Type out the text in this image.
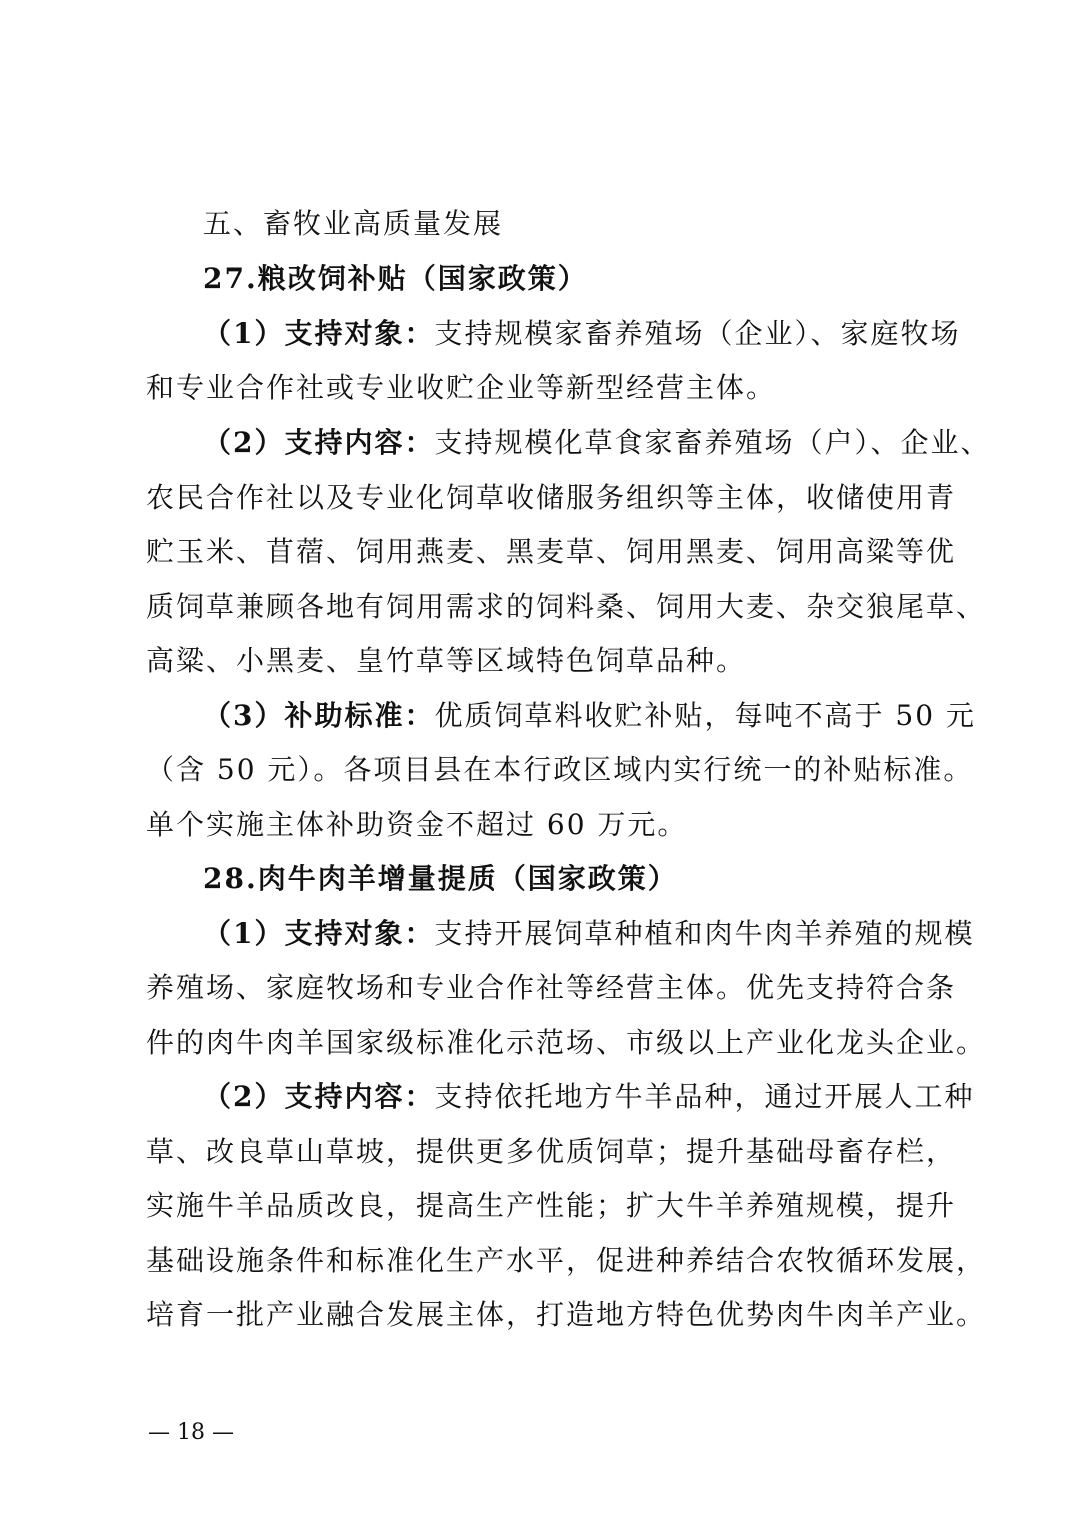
五、畜牧业高质量发展
27.粮改饲补贴（国家政策）
（1）支持对象：支持规模家畜养殖场（企业）、家庭牧场
和专业合作社或专业收贮企业等新型经营主体。
（2）支持内容：支持规模化草食家畜养殖场（户）、企业、
农民合作社以及专业化饲草收储服务组织等主体，收储使用青
贮玉米、苜蓿、饲用燕麦、黑麦草、饲用黑麦、饲用高粱等优
质饲草兼顾各地有饲用需求的饲料桑、饲用大麦、杂交狼尾草、
高粱、小黑麦、皇竹草等区域特色饲草品种。
（3）补助标准：优质饲草料收贮补贴，每吨不高于 50 元
（含 50 元）。各项目县在本行政区域内实行统一的补贴标准。
单个实施主体补助资金不超过 60 万元。
28.肉牛肉羊增量提质（国家政策）
（1）支持对象：支持开展饲草种植和肉牛肉羊养殖的规模
养殖场、家庭牧场和专业合作社等经营主体。优先支持符合条
件的肉牛肉羊国家级标准化示范场、市级以上产业化龙头企业。
（2）支持内容：支持依托地方牛羊品种，通过开展人工种
草、改良草山草坡，提供更多优质饲草；提升基础母畜存栏，
实施牛羊品质改良，提高生产性能；扩大牛羊养殖规模，提升
基础设施条件和标准化生产水平，促进种养结合农牧循环发展，
培育一批产业融合发展主体，打造地方特色优势肉牛肉羊产业。
— 18 —
